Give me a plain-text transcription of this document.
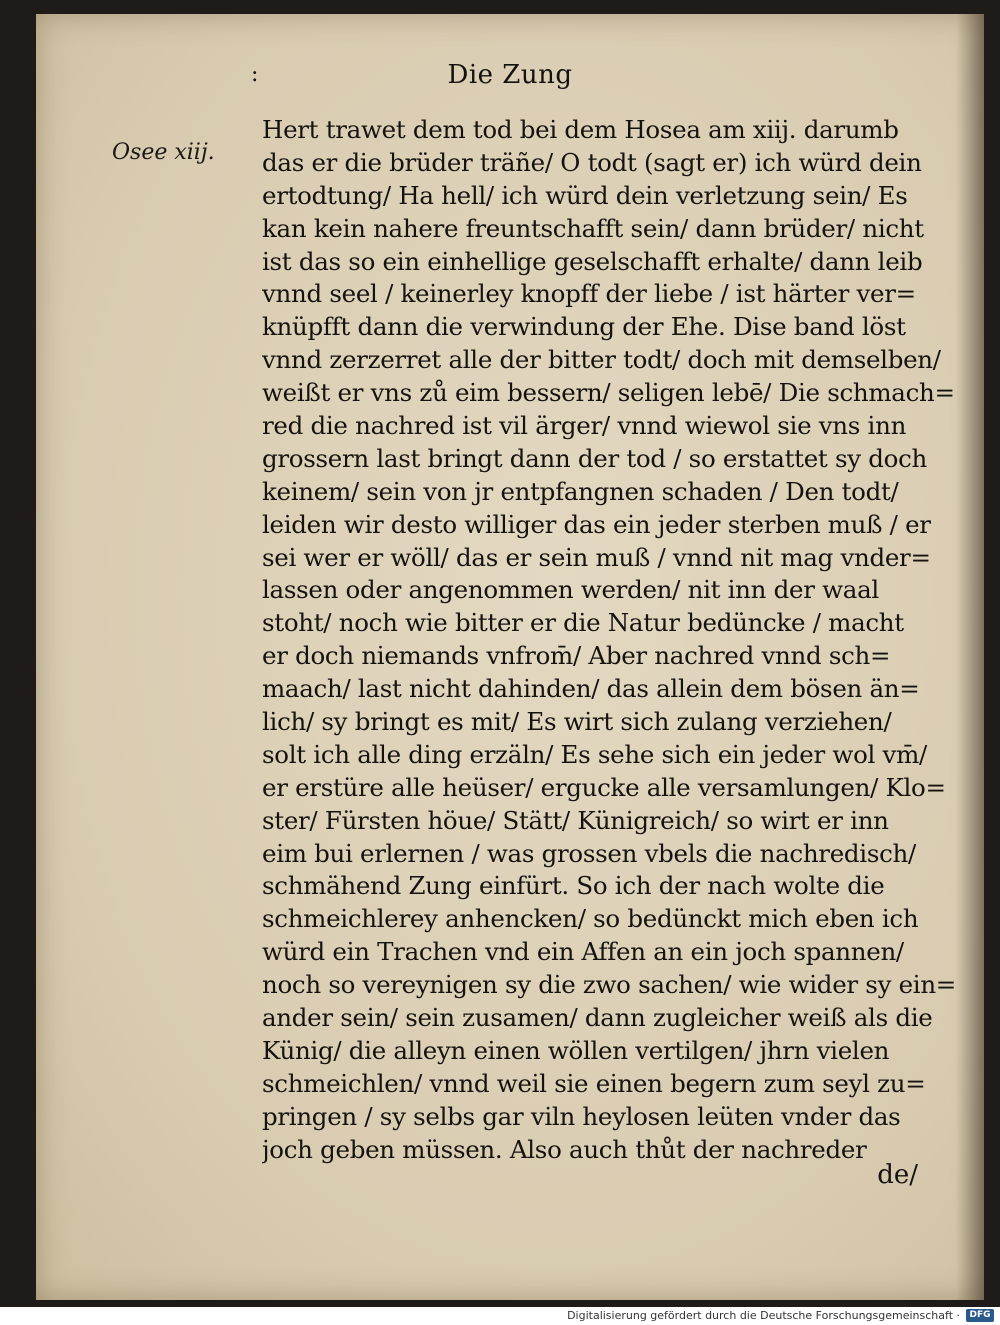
:	Die Zung
Osee xiij.
Hert trawet dem tod bei dem Hosea am xiij. darumb
das er die brüder träñe/ O todt (sagt er) ich würd dein
ertodtung/ Ha hell/ ich würd dein verletzung sein/ Es
kan kein nahere freuntschafft sein/ dann brüder/ nicht
ist das so ein einhellige geselschafft erhalte/ dann leib
vnnd seel / keinerley knopff der liebe / ist härter ver=
knüpfft dann die verwindung der Ehe. Dise band löst
vnnd zerzerret alle der bitter todt/ doch mit demselben/
weißt er vns zů eim bessern/ seligen lebē/ Die schmach=
red die nachred ist vil ärger/ vnnd wiewol sie vns inn
grossern last bringt dann der tod / so erstattet sy doch
keinem/ sein von jr entpfangnen schaden / Den todt/
leiden wir desto williger das ein jeder sterben muß / er
sei wer er wöll/ das er sein muß / vnnd nit mag vnder=
lassen oder angenommen werden/ nit inn der waal
stoht/ noch wie bitter er die Natur bedüncke / macht
er doch niemands vnfrom̄/ Aber nachred vnnd sch=
maach/ last nicht dahinden/ das allein dem bösen än=
lich/ sy bringt es mit/ Es wirt sich zulang verziehen/
solt ich alle ding erzäln/ Es sehe sich ein jeder wol vm̄/
er erstüre alle heüser/ ergucke alle versamlungen/ Klo=
ster/ Fürsten höue/ Stätt/ Künigreich/ so wirt er inn
eim bui erlernen / was grossen vbels die nachredisch/
schmähend Zung einfürt. So ich der nach wolte die
schmeichlerey anhencken/ so bedünckt mich eben ich
würd ein Trachen vnd ein Affen an ein joch spannen/
noch so vereynigen sy die zwo sachen/ wie wider sy ein=
ander sein/ sein zusamen/ dann zugleicher weiß als die
Künig/ die alleyn einen wöllen vertilgen/ jhrn vielen
schmeichlen/ vnnd weil sie einen begern zum seyl zu=
pringen / sy selbs gar viln heylosen leüten vnder das
joch geben müssen. Also auch thůt der nachreder
de/
Digitalisierung gefördert durch die Deutsche Forschungsgemeinschaft ·	DFG
